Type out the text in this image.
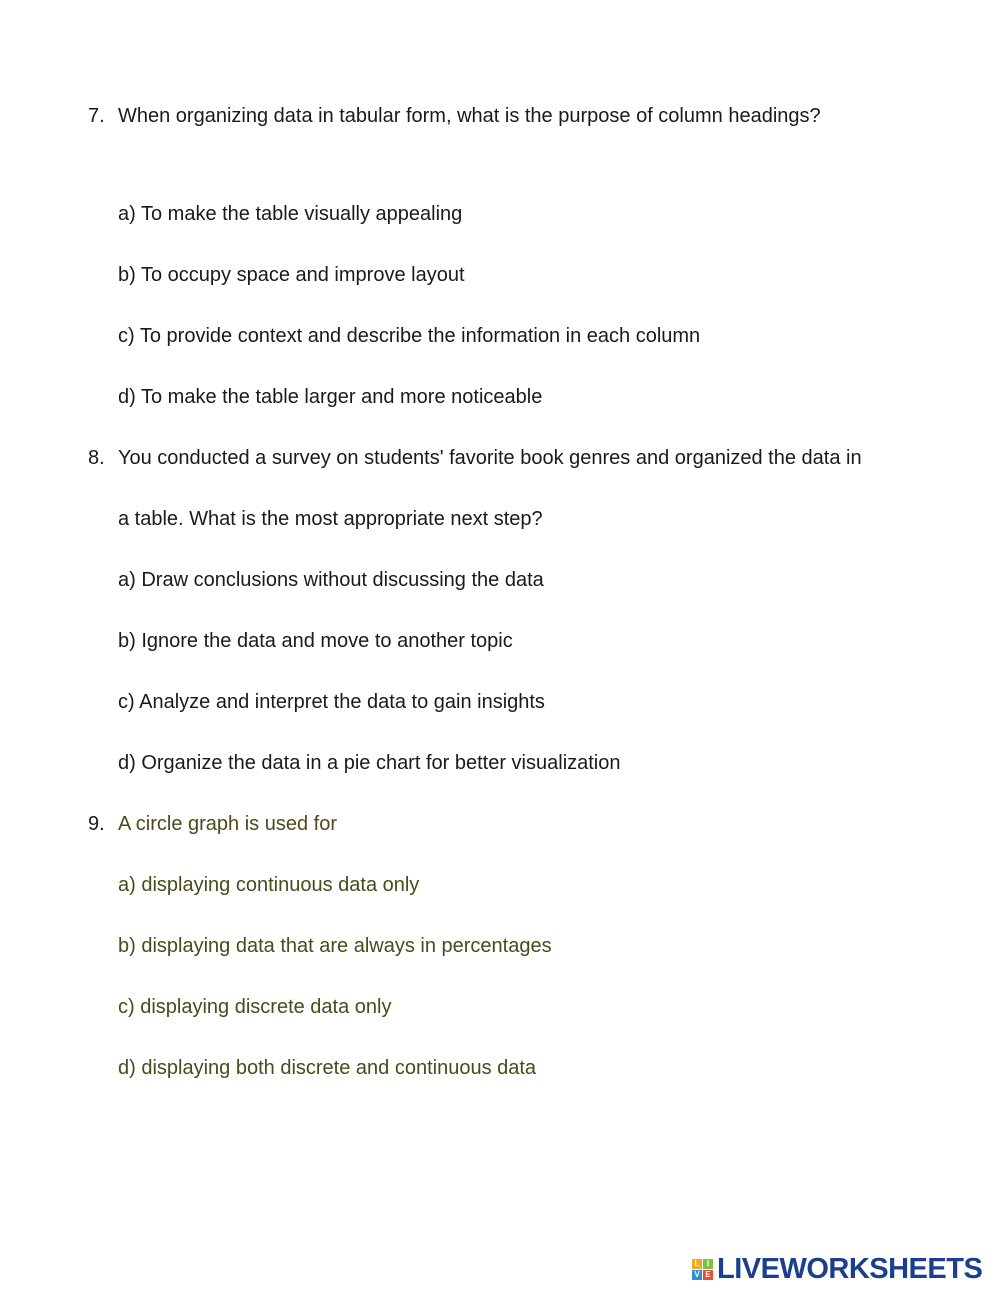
7. When organizing data in tabular form, what is the purpose of column headings?
a) To make the table visually appealing
b) To occupy space and improve layout
c) To provide context and describe the information in each column
d) To make the table larger and more noticeable
8. You conducted a survey on students' favorite book genres and organized the data in
a table. What is the most appropriate next step?
a) Draw conclusions without discussing the data
b) Ignore the data and move to another topic
c) Analyze and interpret the data to gain insights
d) Organize the data in a pie chart for better visualization
9. A circle graph is used for
a) displaying continuous data only
b) displaying data that are always in percentages
c) displaying discrete data only
d) displaying both discrete and continuous data
L I
V E LIVEWORKSHEETS
